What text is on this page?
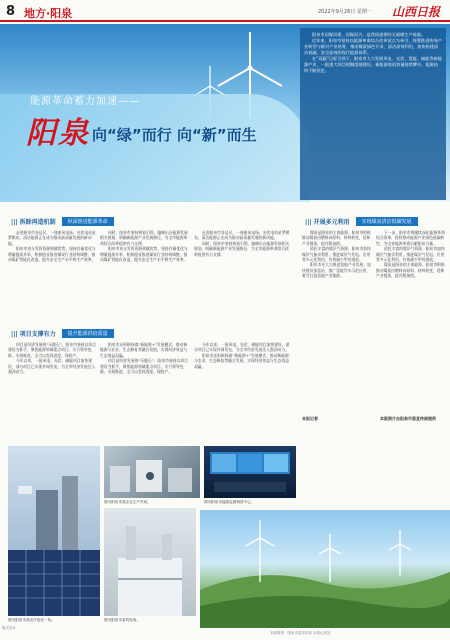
8 地方·阳泉	2022年9月26日 星期一 山西日报
能源革命蓄力加速——
阳泉 向“绿”而行 向“新”而生

阳泉市因煤而建、因煤而兴，是我国重要的无烟煤生产基地。

近年来，阳泉市坚持以能源革命综合改革试点为牵引，统筹推进传统产业转型与新兴产业培育，推动煤炭绿色开采、清洁高效利用，加快构建清洁低碳、安全高效的现代能源体系。

在“双碳”目标引领下，阳泉市大力发展风电、光伏、氢能、储能等新能源产业，一批重大项目相继落地建设，新能源装机容量持续攀升，能源结构不断优化。

||| 拆除再造机制	纵深推进能源革命

走进阳泉市各县区，一座座风电场、光伏电站星罗棋布，清洁能源正在成为推动高质量发展的新动能。

阳泉市充分发挥资源禀赋优势，坚持存量优化与增量提质并举，积极稳妥推进煤炭行业结构调整，推动煤矿智能化改造，提升安全生产水平和生产效率。

同时，阳泉市坚持规划引领，编制出台能源发展相关规划，明确新能源产业发展路径，为全市能源革命综合改革提供有力支撑。

阳泉市充分发挥资源禀赋优势，坚持存量优化与增量提质并举，积极稳妥推进煤炭行业结构调整，推动煤矿智能化改造，提升安全生产水平和生产效率。

走进阳泉市各县区，一座座风电场、光伏电站星罗棋布，清洁能源正在成为推动高质量发展的新动能。

同时，阳泉市坚持规划引领，编制出台能源发展相关规划，明确新能源产业发展路径，为全市能源革命综合改革提供有力支撑。

||| 项目支撑有力	提升能源供给质量

项目是经济发展的“压舱石”。阳泉市坚持以项目建设为抓手，聚焦能源领域重点项目，实行领导包联、专班推进，全力以赴抓进度、保投产。

今年以来，一批风电、光伏、储能项目加快建设，部分项目已实现并网发电，为全市经济发展注入强劲动力。

阳泉市还积极探索“新能源+”发展模式，推动新能源与农业、生态修复等融合发展，实现经济效益与生态效益双赢。

项目是经济发展的“压舱石”。阳泉市坚持以项目建设为抓手，聚焦能源领域重点项目，实行领导包联、专班推进，全力以赴抓进度、保投产。

今年以来，一批风电、光伏、储能项目加快建设，部分项目已实现并网发电，为全市经济发展注入强劲动力。

阳泉市还积极探索“新能源+”发展模式，推动新能源与农业、生态修复等融合发展，实现经济效益与生态效益双赢。

图为阳泉市某企业生产车间。	图为阳泉市能源监测调度中心。
图为阳泉市某光伏电站一角。
||| 开展多元利用	实现煤炭清洁低碳发展

煤炭是阳泉的主体能源。阳泉市积极推动煤炭由燃料向原料、材料转变，延伸产业链条，提升附加值。

依托丰富的煤层气资源，阳泉市加快煤层气抽采利用，推进煤层气发电、民用等多元化利用，有效减少甲烷排放。

阳泉市还大力推进氢能产业发展，加快建设加氢站，推广氢能汽车示范应用，着力打造氢能产业集群。

下一步，阳泉市将继续深化能源革命综合改革，持续推动能源产业绿色低碳转型，为全省能源革命贡献阳泉力量。

依托丰富的煤层气资源，阳泉市加快煤层气抽采利用，推进煤层气发电、民用等多元化利用，有效减少甲烷排放。

煤炭是阳泉的主体能源。阳泉市积极推动煤炭由燃料向原料、材料转变，延伸产业链条，提升附加值。

本报记者
图为阳泉市某风电场。
版式设计
本版策划：阳泉市委宣传部 本报记者站
本版图片由阳泉市委宣传部提供
